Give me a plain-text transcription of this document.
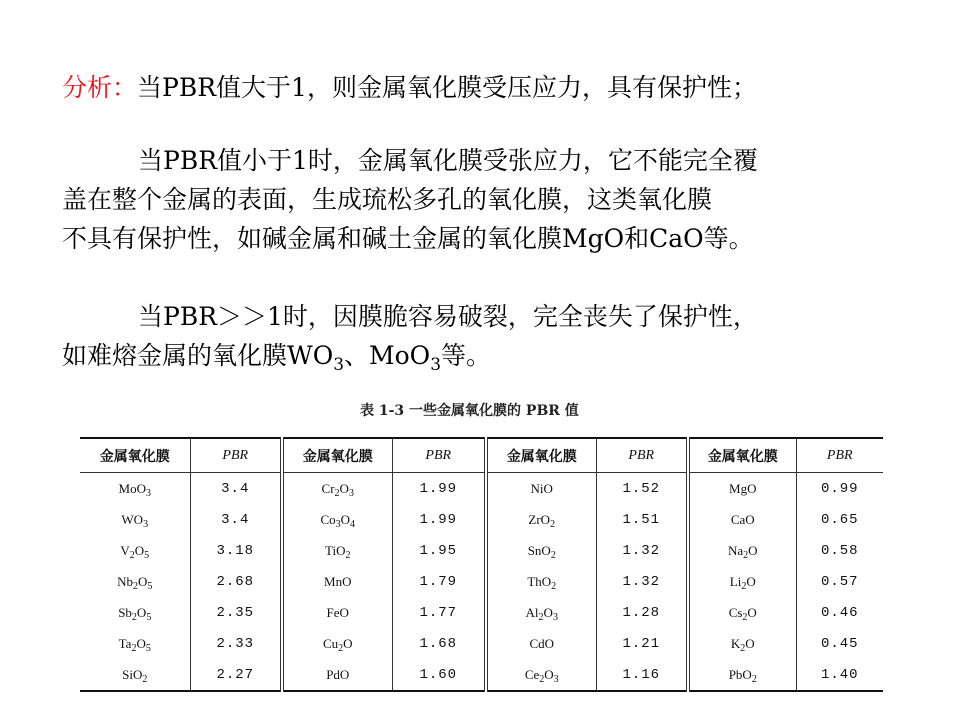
分析：当PBR值大于1，则金属氧化膜受压应力，具有保护性；
当PBR值小于1时，金属氧化膜受张应力，它不能完全覆
盖在整个金属的表面，生成琉松多孔的氧化膜，这类氧化膜
不具有保护性，如碱金属和碱土金属的氧化膜MgO和CaO等。
当PBR＞＞1时，因膜脆容易破裂，完全丧失了保护性，
如难熔金属的氧化膜$WO_3$、MoO$_3$等。
表 1-3 一些金属氧化膜的 PBR 值
金属氧化膜	PBR	金属氧化膜	PBR	金属氧化膜	PBR	金属氧化膜	PBR
MoO$_3$	3.4	$Cr_2O_3$	1.99	NiO	1.52	MgO	0.99
$WO_3$	3.4	$Co_3O_4$	1.99	ZrO$_2$	1.51	CaO	0.65
$V_2O_5$	3.18	TiO$_2$	1.95	SnO$_2$	1.32	$Na_2O$	0.58
$Nb_2O_5$	2.68	MnO	1.79	ThO$_2$	1.32	$Li_2O$	0.57
$Sb_2O_5$	2.35	FeO	1.77	$Al_2O_3$	1.28	$Cs_2O$	0.46
$Ta_2O_5$	2.33	$Cu_2O$	1.68	CdO	1.21	$K_2O$	0.45
SiO$_2$	2.27	PdO	1.60	$Ce_2O_3$	1.16	PbO$_2$	1.40
